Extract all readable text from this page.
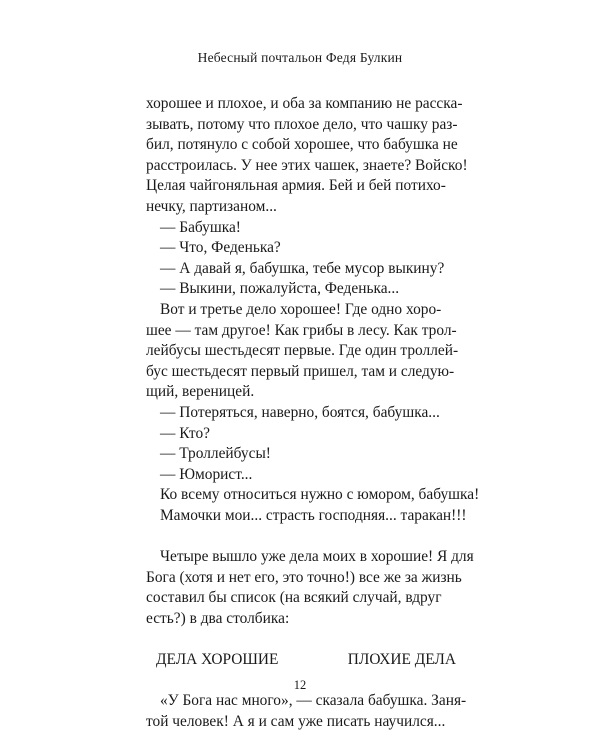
Небесный почтальон Федя Булкин
хорошее и плохое, и оба за компанию не расска-
зывать, потому что плохое дело, что чашку раз-
бил, потянуло с собой хорошее, что бабушка не
расстроилась. У нее этих чашек, знаете? Войско!
Целая чайгоняльная армия. Бей и бей потихо-
нечку, партизаном...
— Бабушка!
— Что, Феденька?
— А давай я, бабушка, тебе мусор выкину?
— Выкини, пожалуйста, Феденька...
Вот и третье дело хорошее! Где одно хоро-
шее — там другое! Как грибы в лесу. Как трол-
лейбусы шестьдесят первые. Где один троллей-
бус шестьдесят первый пришел, там и следую-
щий, вереницей.
— Потеряться, наверно, боятся, бабушка...
— Кто?
— Троллейбусы!
— Юморист...
Ко всему относиться нужно с юмором, бабушка!
Мамочки мои... страсть господняя... таракан!!!
Четыре вышло уже дела моих в хорошие! Я для
Бога (хотя и нет его, это точно!) все же за жизнь
составил бы список (на всякий случай, вдруг
есть?) в два столбика:
ДЕЛА ХОРОШИЕ	ПЛОХИЕ ДЕЛА
«У Бога нас много», — сказала бабушка. Заня-
той человек! А я и сам уже писать научился...
12
